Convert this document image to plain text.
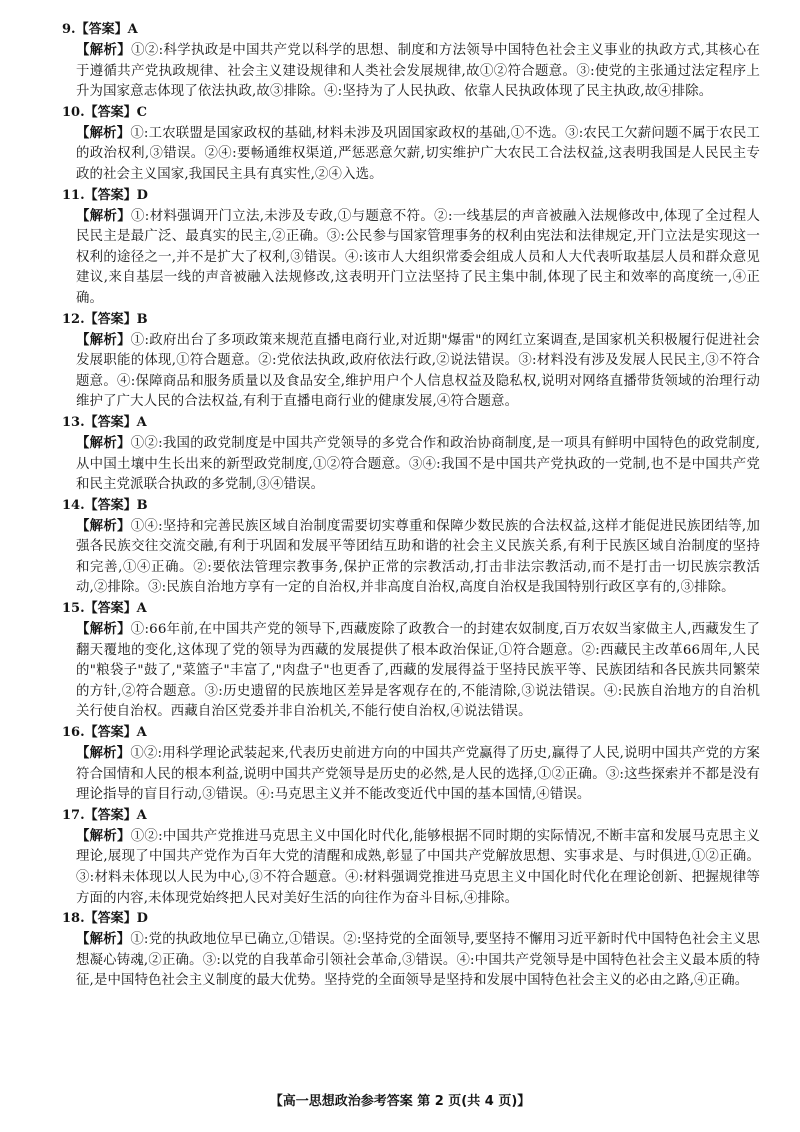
9.【答案】A

【解析】①②:科学执政是中国共产党以科学的思想、制度和方法领导中国特色社会主义事业的执政方式,其核心在于遵循共产党执政规律、社会主义建设规律和人类社会发展规律,故①②符合题意。③:使党的主张通过法定程序上升为国家意志体现了依法执政,故③排除。④:坚持为了人民执政、依靠人民执政体现了民主执政,故④排除。

10.【答案】C

【解析】①:工农联盟是国家政权的基础,材料未涉及巩固国家政权的基础,①不选。③:农民工欠薪问题不属于农民工的政治权利,③错误。②④:要畅通维权渠道,严惩恶意欠薪,切实维护广大农民工合法权益,这表明我国是人民民主专政的社会主义国家,我国民主具有真实性,②④入选。

11.【答案】D

【解析】①:材料强调开门立法,未涉及专政,①与题意不符。②:一线基层的声音被融入法规修改中,体现了全过程人民民主是最广泛、最真实的民主,②正确。③:公民参与国家管理事务的权利由宪法和法律规定,开门立法是实现这一权利的途径之一,并不是扩大了权利,③错误。④:该市人大组织常委会组成人员和人大代表听取基层人员和群众意见建议,来自基层一线的声音被融入法规修改,这表明开门立法坚持了民主集中制,体现了民主和效率的高度统一,④正确。

12.【答案】B

【解析】①:政府出台了多项政策来规范直播电商行业,对近期"爆雷"的网红立案调查,是国家机关积极履行促进社会发展职能的体现,①符合题意。②:党依法执政,政府依法行政,②说法错误。③:材料没有涉及发展人民民主,③不符合题意。④:保障商品和服务质量以及食品安全,维护用户个人信息权益及隐私权,说明对网络直播带货领域的治理行动维护了广大人民的合法权益,有利于直播电商行业的健康发展,④符合题意。

13.【答案】A

【解析】①②:我国的政党制度是中国共产党领导的多党合作和政治协商制度,是一项具有鲜明中国特色的政党制度,从中国土壤中生长出来的新型政党制度,①②符合题意。③④:我国不是中国共产党执政的一党制,也不是中国共产党和民主党派联合执政的多党制,③④错误。

14.【答案】B

【解析】①④:坚持和完善民族区域自治制度需要切实尊重和保障少数民族的合法权益,这样才能促进民族团结等,加强各民族交往交流交融,有利于巩固和发展平等团结互助和谐的社会主义民族关系,有利于民族区域自治制度的坚持和完善,①④正确。②:要依法管理宗教事务,保护正常的宗教活动,打击非法宗教活动,而不是打击一切民族宗教活动,②排除。③:民族自治地方享有一定的自治权,并非高度自治权,高度自治权是我国特别行政区享有的,③排除。

15.【答案】A

【解析】①:66年前,在中国共产党的领导下,西藏废除了政教合一的封建农奴制度,百万农奴当家做主人,西藏发生了翻天覆地的变化,这体现了党的领导为西藏的发展提供了根本政治保证,①符合题意。②:西藏民主改革66周年,人民的"粮袋子"鼓了,"菜篮子"丰富了,"肉盘子"也更香了,西藏的发展得益于坚持民族平等、民族团结和各民族共同繁荣的方针,②符合题意。③:历史遗留的民族地区差异是客观存在的,不能清除,③说法错误。④:民族自治地方的自治机关行使自治权。西藏自治区党委并非自治机关,不能行使自治权,④说法错误。

16.【答案】A

【解析】①②:用科学理论武装起来,代表历史前进方向的中国共产党赢得了历史,赢得了人民,说明中国共产党的方案符合国情和人民的根本利益,说明中国共产党领导是历史的必然,是人民的选择,①②正确。③:这些探索并不都是没有理论指导的盲目行动,③错误。④:马克思主义并不能改变近代中国的基本国情,④错误。

17.【答案】A

【解析】①②:中国共产党推进马克思主义中国化时代化,能够根据不同时期的实际情况,不断丰富和发展马克思主义理论,展现了中国共产党作为百年大党的清醒和成熟,彰显了中国共产党解放思想、实事求是、与时俱进,①②正确。③:材料未体现以人民为中心,③不符合题意。④:材料强调党推进马克思主义中国化时代化在理论创新、把握规律等方面的内容,未体现党始终把人民对美好生活的向往作为奋斗目标,④排除。

18.【答案】D

【解析】①:党的执政地位早已确立,①错误。②:坚持党的全面领导,要坚持不懈用习近平新时代中国特色社会主义思想凝心铸魂,②正确。③:以党的自我革命引领社会革命,③错误。④:中国共产党领导是中国特色社会主义最本质的特征,是中国特色社会主义制度的最大优势。坚持党的全面领导是坚持和发展中国特色社会主义的必由之路,④正确。

【高一思想政治参考答案 第 2 页(共 4 页)】
